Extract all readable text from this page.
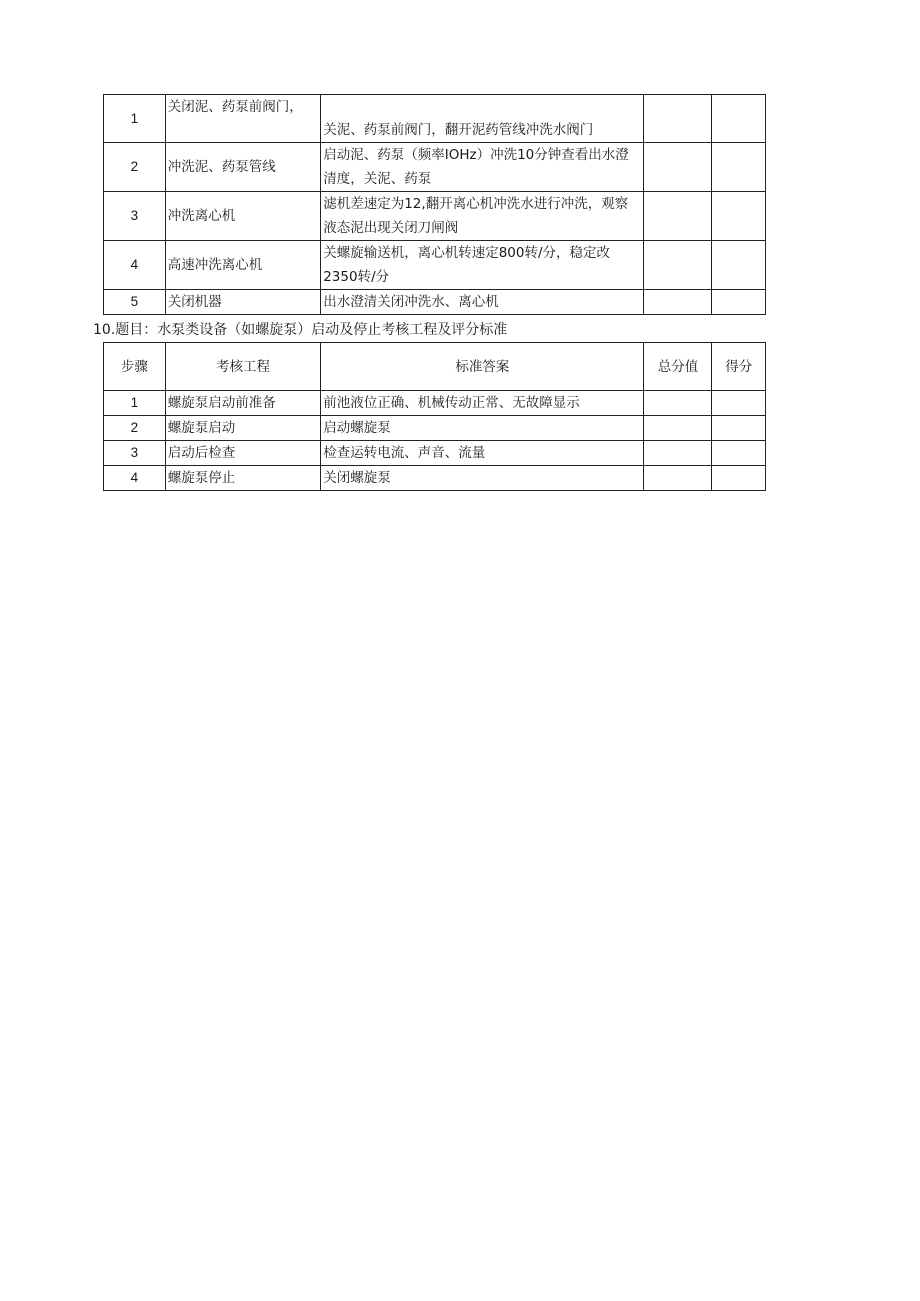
1	关闭泥、药泵前阀门，	关泥、药泵前阀门，翻开泥药管线冲洗水阀门		
2	冲洗泥、药泵管线	启动泥、药泵（频率IOHz）冲洗10分钟查看出水澄清度，关泥、药泵		
3	冲洗离心机	滤机差速定为12,翻开离心机冲洗水进行冲洗，观察液态泥出现关闭刀闸阀		
4	高速冲洗离心机	关螺旋输送机，离心机转速定800转/分，稳定改2350转/分		
5	关闭机器	出水澄清关闭冲洗水、离心机		
10.题目：水泵类设备（如螺旋泵）启动及停止考核工程及评分标准
步骤	考核工程	标准答案	总分值	得分
1	螺旋泵启动前准备	前池液位正确、机械传动正常、无故障显示		
2	螺旋泵启动	启动螺旋泵		
3	启动后检查	检查运转电流、声音、流量		
4	螺旋泵停止	关闭螺旋泵		
